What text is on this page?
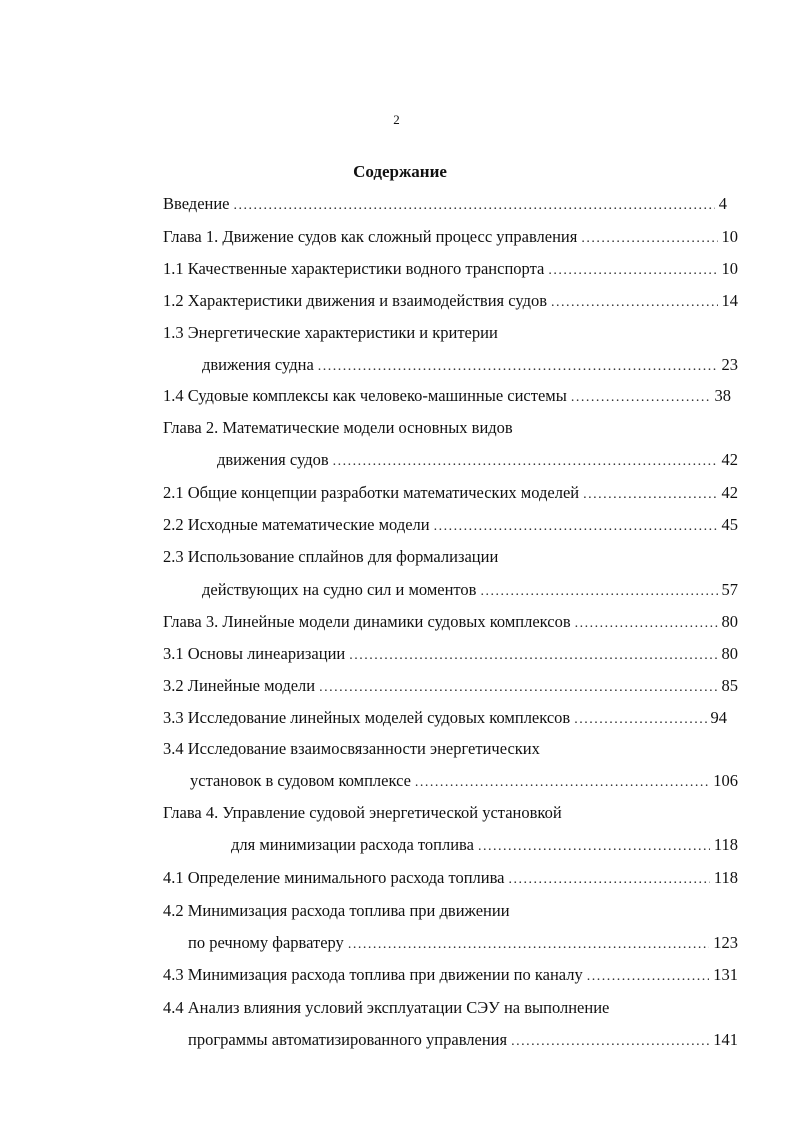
2
Содержание
Введение .....	4
Глава 1. Движение судов как сложный процесс управления .....	10
1.1 Качественные характеристики водного транспорта .....	10
1.2 Характеристики движения и взаимодействия судов .....	14
1.3 Энергетические характеристики и критерии
движения судна .....	23
1.4 Судовые комплексы как человеко-машинные системы .....	38
Глава 2. Математические модели основных видов
движения судов .....	42
2.1 Общие концепции разработки математических моделей .....	42
2.2 Исходные математические модели .....	45
2.3 Использование сплайнов для формализации
действующих на судно сил и моментов .....	57
Глава 3. Линейные модели динамики судовых комплексов .....	80
3.1 Основы линеаризации .....	80
3.2 Линейные модели .....	85
3.3 Исследование линейных моделей судовых комплексов .....	94
3.4 Исследование взаимосвязанности энергетических
установок в судовом комплексе .....	106
Глава 4. Управление судовой энергетической установкой
для минимизации расхода топлива .....	118
4.1 Определение минимального расхода топлива .....	118
4.2 Минимизация расхода топлива при движении
по речному фарватеру .....	123
4.3 Минимизация расхода топлива при движении по каналу .....	131
4.4 Анализ влияния условий эксплуатации СЭУ на выполнение
программы автоматизированного управления .....	141
